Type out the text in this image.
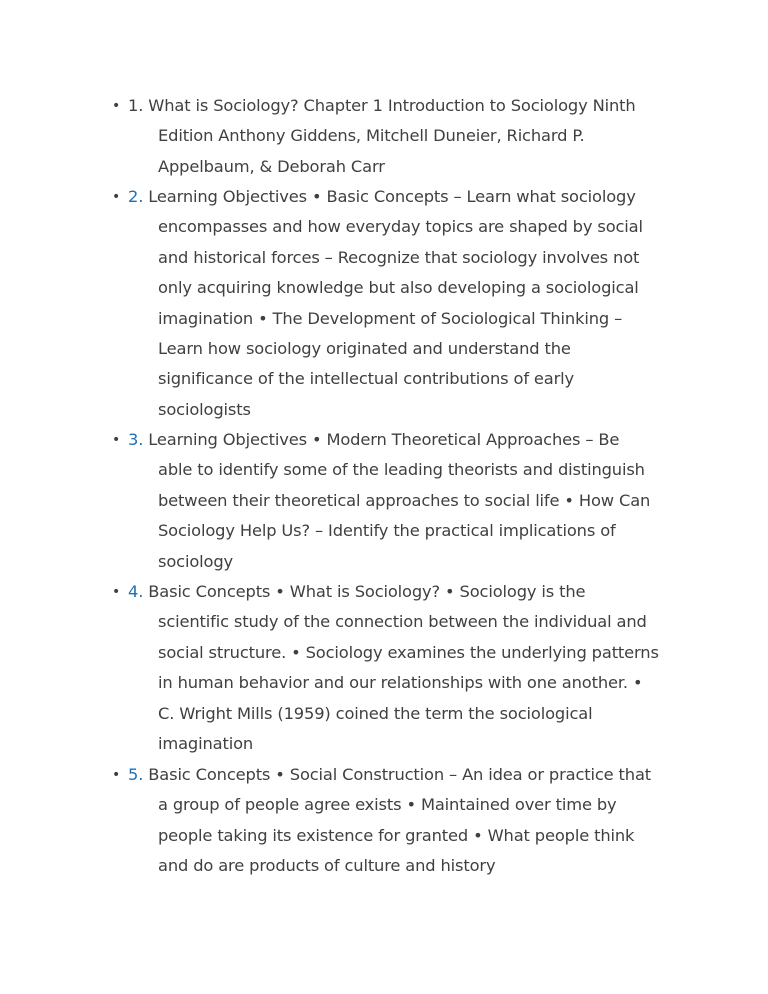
• 1. What is Sociology? Chapter 1 Introduction to Sociology Ninth
Edition Anthony Giddens, Mitchell Duneier, Richard P.
Appelbaum, & Deborah Carr
• 2. Learning Objectives • Basic Concepts – Learn what sociology
encompasses and how everyday topics are shaped by social
and historical forces – Recognize that sociology involves not
only acquiring knowledge but also developing a sociological
imagination • The Development of Sociological Thinking –
Learn how sociology originated and understand the
significance of the intellectual contributions of early
sociologists
• 3. Learning Objectives • Modern Theoretical Approaches – Be
able to identify some of the leading theorists and distinguish
between their theoretical approaches to social life • How Can
Sociology Help Us? – Identify the practical implications of
sociology
• 4. Basic Concepts • What is Sociology? • Sociology is the
scientific study of the connection between the individual and
social structure. • Sociology examines the underlying patterns
in human behavior and our relationships with one another. •
C. Wright Mills (1959) coined the term the sociological
imagination
• 5. Basic Concepts • Social Construction – An idea or practice that
a group of people agree exists • Maintained over time by
people taking its existence for granted • What people think
and do are products of culture and history
